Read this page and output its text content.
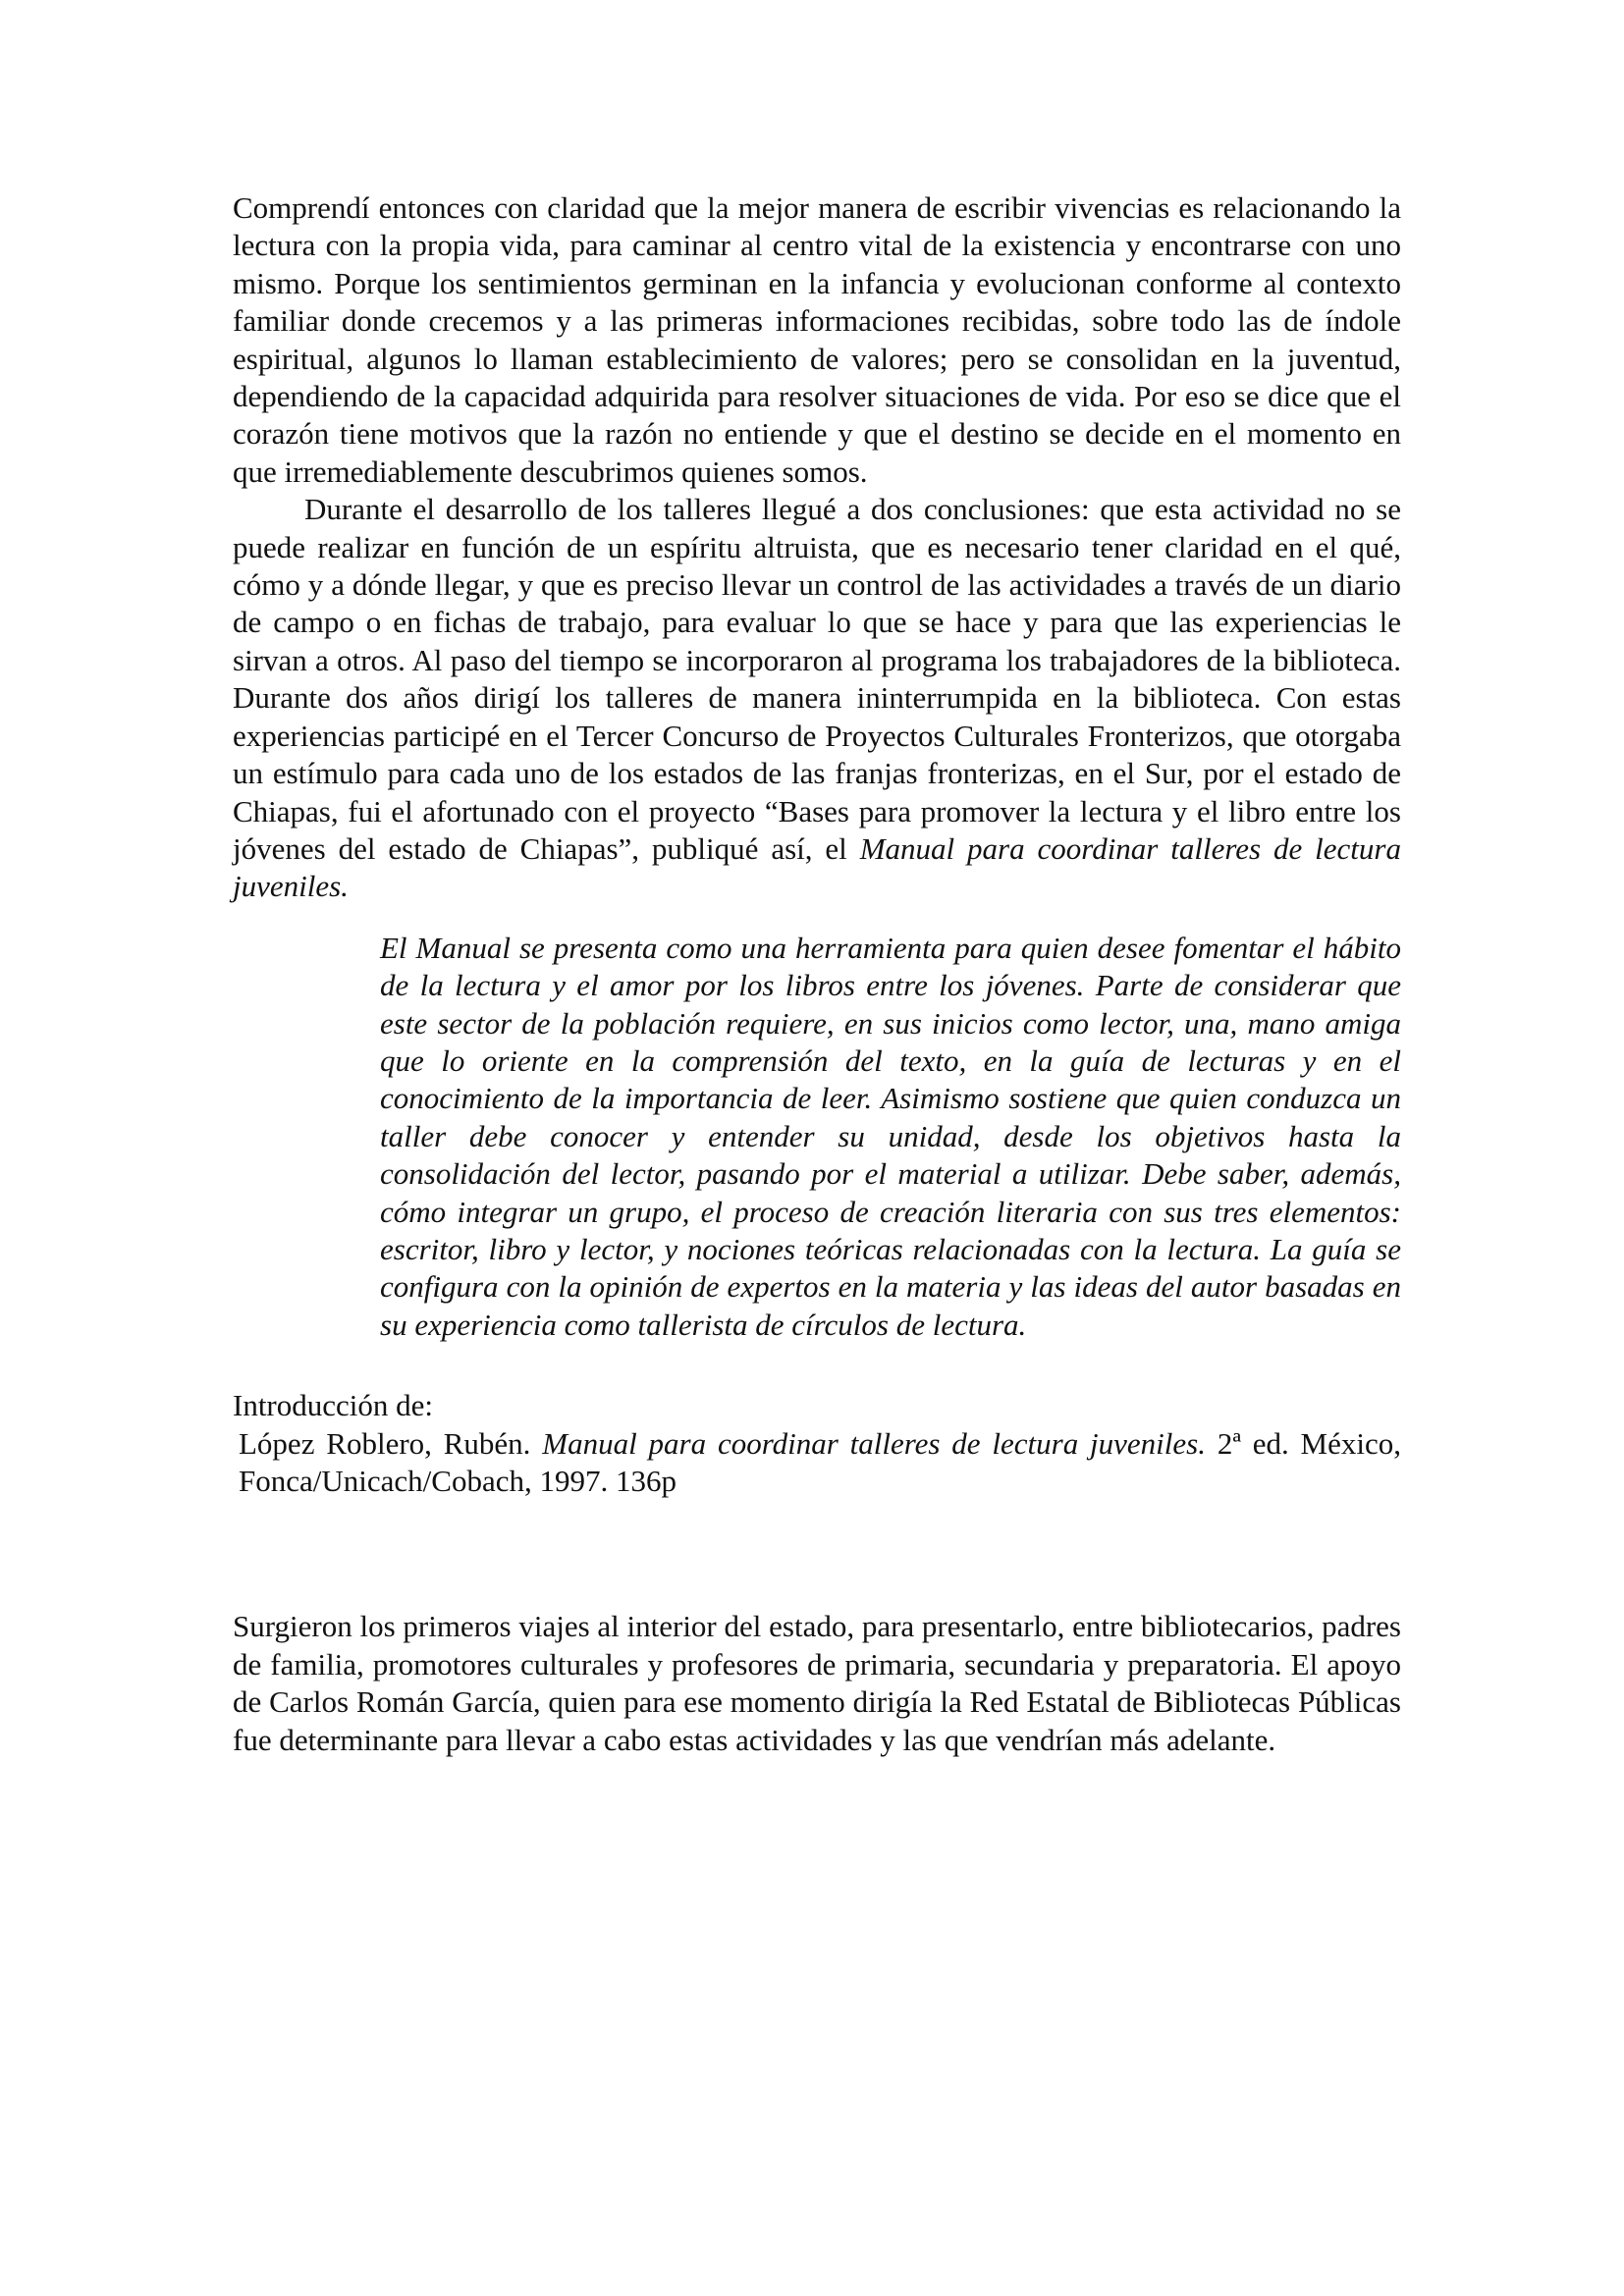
Comprendí entonces con claridad que la mejor manera de escribir vivencias es relacionando la lectura con la propia vida, para caminar al centro vital de la existencia y encontrarse con uno mismo. Porque los sentimientos germinan en la infancia y evolucionan conforme al contexto familiar donde crecemos y a las primeras informaciones recibidas, sobre todo las de índole espiritual, algunos lo llaman establecimiento de valores; pero se consolidan en la juventud, dependiendo de la capacidad adquirida para resolver situaciones de vida. Por eso se dice que el corazón tiene motivos que la razón no entiende y que el destino se decide en el momento en que irremediablemente descubrimos quienes somos.

Durante el desarrollo de los talleres llegué a dos conclusiones: que esta actividad no se puede realizar en función de un espíritu altruista, que es necesario tener claridad en el qué, cómo y a dónde llegar, y que es preciso llevar un control de las actividades a través de un diario de campo o en fichas de trabajo, para evaluar lo que se hace y para que las experiencias le sirvan a otros. Al paso del tiempo se incorporaron al programa los trabajadores de la biblioteca. Durante dos años dirigí los talleres de manera ininterrumpida en la biblioteca. Con estas experiencias participé en el Tercer Concurso de Proyectos Culturales Fronterizos, que otorgaba un estímulo para cada uno de los estados de las franjas fronterizas, en el Sur, por el estado de Chiapas, fui el afortunado con el proyecto “Bases para promover la lectura y el libro entre los jóvenes del estado de Chiapas”, publiqué así, el Manual para coordinar talleres de lectura juveniles.

El Manual se presenta como una herramienta para quien desee fomentar el hábito de la lectura y el amor por los libros entre los jóvenes. Parte de considerar que este sector de la población requiere, en sus inicios como lector, una, mano amiga que lo oriente en la comprensión del texto, en la guía de lecturas y en el conocimiento de la importancia de leer. Asimismo sostiene que quien conduzca un taller debe conocer y entender su unidad, desde los objetivos hasta la consolidación del lector, pasando por el material a utilizar. Debe saber, además, cómo integrar un grupo, el proceso de creación literaria con sus tres elementos: escritor, libro y lector, y nociones teóricas relacionadas con la lectura. La guía se configura con la opinión de expertos en la materia y las ideas del autor basadas en su experiencia como tallerista de círculos de lectura.

Introducción de:

López Roblero, Rubén. Manual para coordinar talleres de lectura juveniles. 2ª ed. México, Fonca/Unicach/Cobach, 1997. 136p

Surgieron los primeros viajes al interior del estado, para presentarlo, entre bibliotecarios, padres de familia, promotores culturales y profesores de primaria, secundaria y preparatoria. El apoyo de Carlos Román García, quien para ese momento dirigía la Red Estatal de Bibliotecas Públicas fue determinante para llevar a cabo estas actividades y las que vendrían más adelante.
